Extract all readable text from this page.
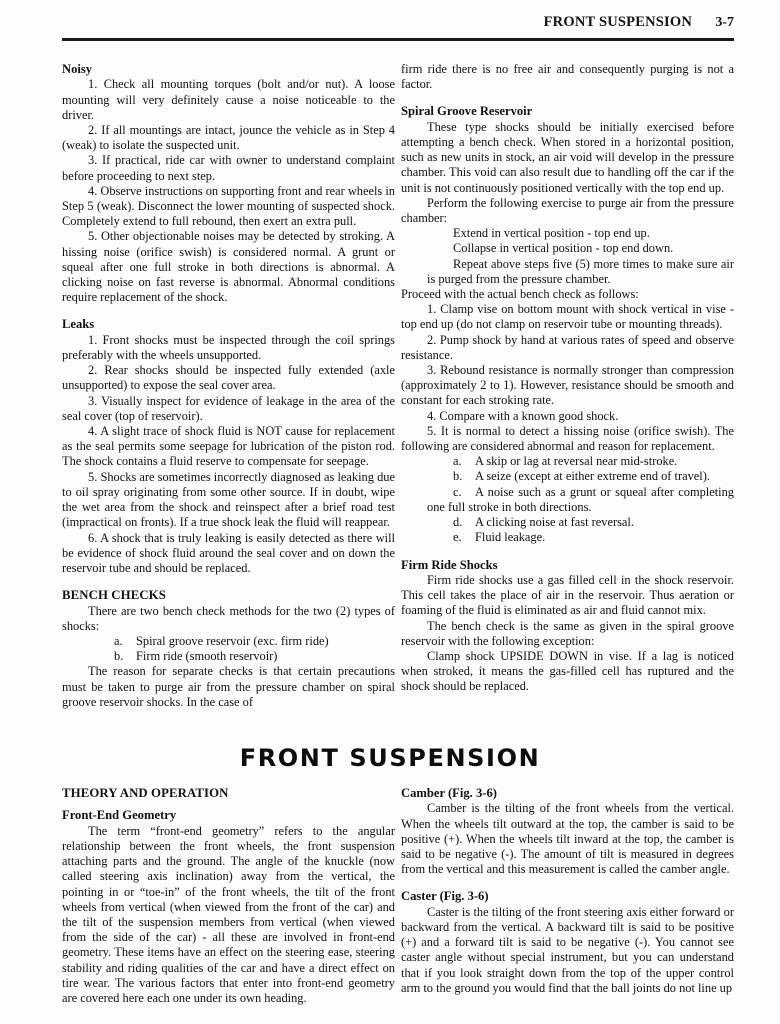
FRONT SUSPENSION 3-7
Noisy

1. Check all mounting torques (bolt and/or nut). A loose mounting will very definitely cause a noise noticeable to the driver.

2. If all mountings are intact, jounce the vehicle as in Step 4 (weak) to isolate the suspected unit.

3. If practical, ride car with owner to understand complaint before proceeding to next step.

4. Observe instructions on supporting front and rear wheels in Step 5 (weak). Disconnect the lower mounting of suspected shock. Completely extend to full rebound, then exert an extra pull.

5. Other objectionable noises may be detected by stroking. A hissing noise (orifice swish) is considered normal. A grunt or squeal after one full stroke in both directions is abnormal. A clicking noise on fast reverse is abnormal. Abnormal conditions require replacement of the shock.

Leaks

1. Front shocks must be inspected through the coil springs preferably with the wheels unsupported.

2. Rear shocks should be inspected fully extended (axle unsupported) to expose the seal cover area.

3. Visually inspect for evidence of leakage in the area of the seal cover (top of reservoir).

4. A slight trace of shock fluid is NOT cause for replacement as the seal permits some seepage for lubrication of the piston rod. The shock contains a fluid reserve to compensate for seepage.

5. Shocks are sometimes incorrectly diagnosed as leaking due to oil spray originating from some other source. If in doubt, wipe the wet area from the shock and reinspect after a brief road test (impractical on fronts). If a true shock leak the fluid will reappear.

6. A shock that is truly leaking is easily detected as there will be evidence of shock fluid around the seal cover and on down the reservoir tube and should be replaced.

BENCH CHECKS

There are two bench check methods for the two (2) types of shocks:

a. Spiral groove reservoir (exc. firm ride)

b. Firm ride (smooth reservoir)

The reason for separate checks is that certain precautions must be taken to purge air from the pressure chamber on spiral groove reservoir shocks. In the case of

firm ride there is no free air and consequently purging is not a factor.

Spiral Groove Reservoir

These type shocks should be initially exercised before attempting a bench check. When stored in a horizontal position, such as new units in stock, an air void will develop in the pressure chamber. This void can also result due to handling off the car if the unit is not continuously positioned vertically with the top end up.

Perform the following exercise to purge air from the pressure chamber:

Extend in vertical position - top end up.

Collapse in vertical position - top end down.

Repeat above steps five (5) more times to make sure air is purged from the pressure chamber.

Proceed with the actual bench check as follows:

1. Clamp vise on bottom mount with shock vertical in vise - top end up (do not clamp on reservoir tube or mounting threads).

2. Pump shock by hand at various rates of speed and observe resistance.

3. Rebound resistance is normally stronger than compression (approximately 2 to 1). However, resistance should be smooth and constant for each stroking rate.

4. Compare with a known good shock.

5. It is normal to detect a hissing noise (orifice swish). The following are considered abnormal and reason for replacement.

a. A skip or lag at reversal near mid-stroke.

b. A seize (except at either extreme end of travel).

c. A noise such as a grunt or squeal after completing one full stroke in both directions.

d. A clicking noise at fast reversal.

e. Fluid leakage.

Firm Ride Shocks

Firm ride shocks use a gas filled cell in the shock reservoir. This cell takes the place of air in the reservoir. Thus aeration or foaming of the fluid is eliminated as air and fluid cannot mix.

The bench check is the same as given in the spiral groove reservoir with the following exception:

Clamp shock UPSIDE DOWN in vise. If a lag is noticed when stroked, it means the gas-filled cell has ruptured and the shock should be replaced.

FRONT SUSPENSION
THEORY AND OPERATION
Front-End Geometry

The term “front-end geometry” refers to the angular relationship between the front wheels, the front suspension attaching parts and the ground. The angle of the knuckle (now called steering axis inclination) away from the vertical, the pointing in or “toe-in” of the front wheels, the tilt of the front wheels from vertical (when viewed from the front of the car) and the tilt of the suspension members from vertical (when viewed from the side of the car) - all these are involved in front-end geometry. These items have an effect on the steering ease, steering stability and riding qualities of the car and have a direct effect on tire wear. The various factors that enter into front-end geometry are covered here each one under its own heading.

Camber (Fig. 3-6)

Camber is the tilting of the front wheels from the vertical. When the wheels tilt outward at the top, the camber is said to be positive (+). When the wheels tilt inward at the top, the camber is said to be negative (-). The amount of tilt is measured in degrees from the vertical and this measurement is called the camber angle.

Caster (Fig. 3-6)

Caster is the tilting of the front steering axis either forward or backward from the vertical. A backward tilt is said to be positive (+) and a forward tilt is said to be negative (-). You cannot see caster angle without special instrument, but you can understand that if you look straight down from the top of the upper control arm to the ground you would find that the ball joints do not line up
